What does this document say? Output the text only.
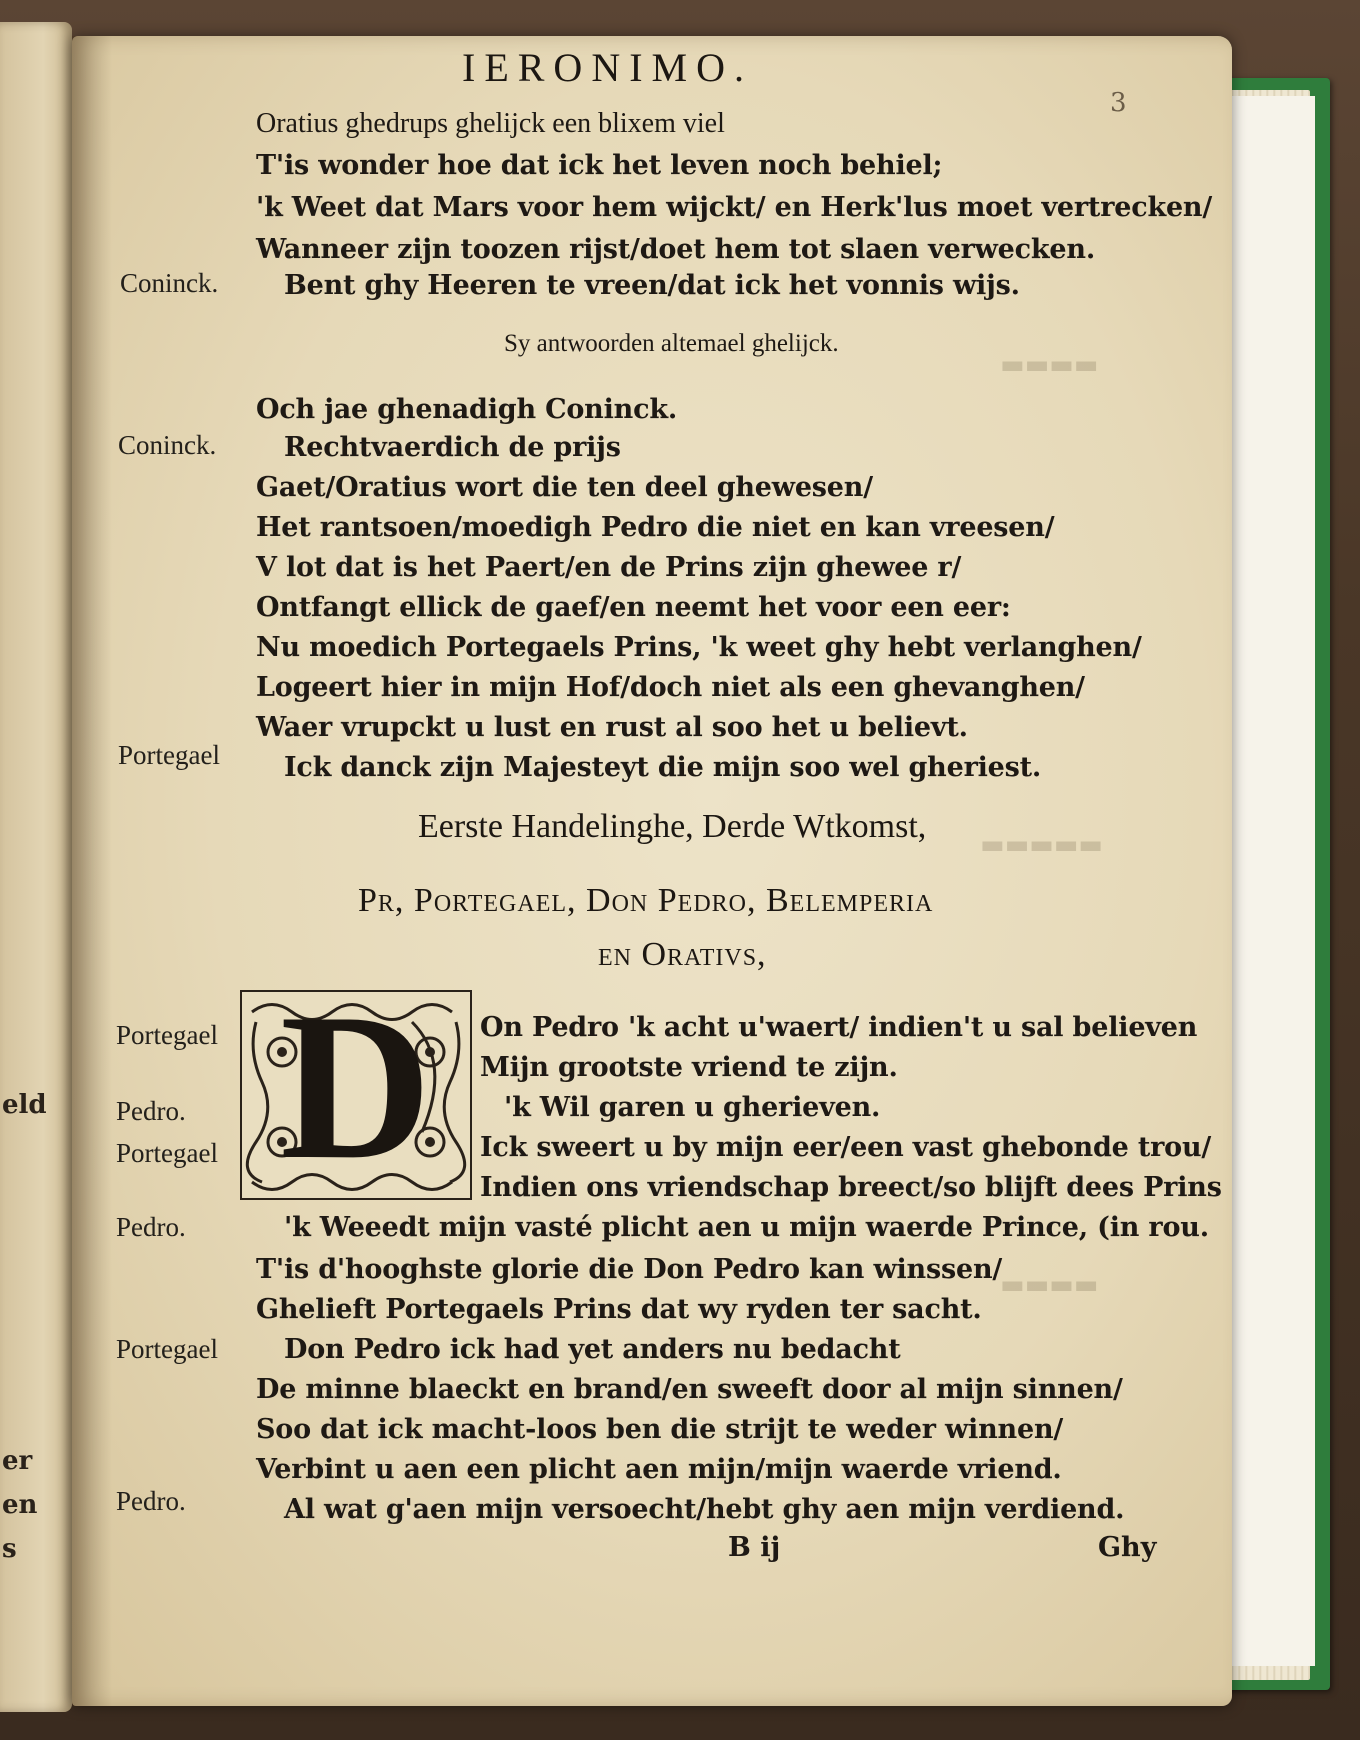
eld
er
en
s
▬▬▬▬
▬▬▬▬▬
▬▬▬▬
IERONIMO.
3
Oratius ghedrups ghelijck een blixem viel
T'is wonder hoe dat ick het leven noch behiel;
'k Weet dat Mars voor hem wijckt/ en Herk'lus moet vertrecken/
Wanneer zijn toozen rijst/doet hem tot slaen verwecken.
Coninck. Bent ghy Heeren te vreen/dat ick het vonnis wijs.
Sy antwoorden altemael ghelijck.
Och jae ghenadigh Coninck.
Coninck.	Rechtvaerdich de prijs
Gaet/Oratius wort die ten deel ghewesen/
Het rantsoen/moedigh Pedro die niet en kan vreesen/
V lot dat is het Paert/en de Prins zijn ghewee r/
Ontfangt ellick de gaef/en neemt het voor een eer:
Nu moedich Portegaels Prins, 'k weet ghy hebt verlanghen/
Logeert hier in mijn Hof/doch niet als een ghevanghen/
Waer vrupckt u lust en rust al soo het u believt.
Portegael Ick danck zijn Majesteyt die mijn soo wel gheriest.
Eerste Handelinghe, Derde Wtkomst,
Pr, Portegael, Don Pedro, Belemperia
en Orativs,
D
Portegael	On Pedro 'k acht u'waert/ indien't u sal believen
Mijn grootste vriend te zijn.
Pedro.	'k Wil garen u gherieven.
Portegael	Ick sweert u by mijn eer/een vast ghebonde trou/
Indien ons vriendschap breect/so blijft dees Prins
Pedro.	'k Weeedt mijn vasté plicht aen u mijn waerde Prince, (in rou.
T'is d'hooghste glorie die Don Pedro kan winssen/
Ghelieft Portegaels Prins dat wy ryden ter sacht.
Portegael Don Pedro ick had yet anders nu bedacht
De minne blaeckt en brand/en sweeft door al mijn sinnen/
Soo dat ick macht-loos ben die strijt te weder winnen/
Verbint u aen een plicht aen mijn/mijn waerde vriend.
Pedro.	Al wat g'aen mijn versoecht/hebt ghy aen mijn verdiend.
B ij	Ghy
